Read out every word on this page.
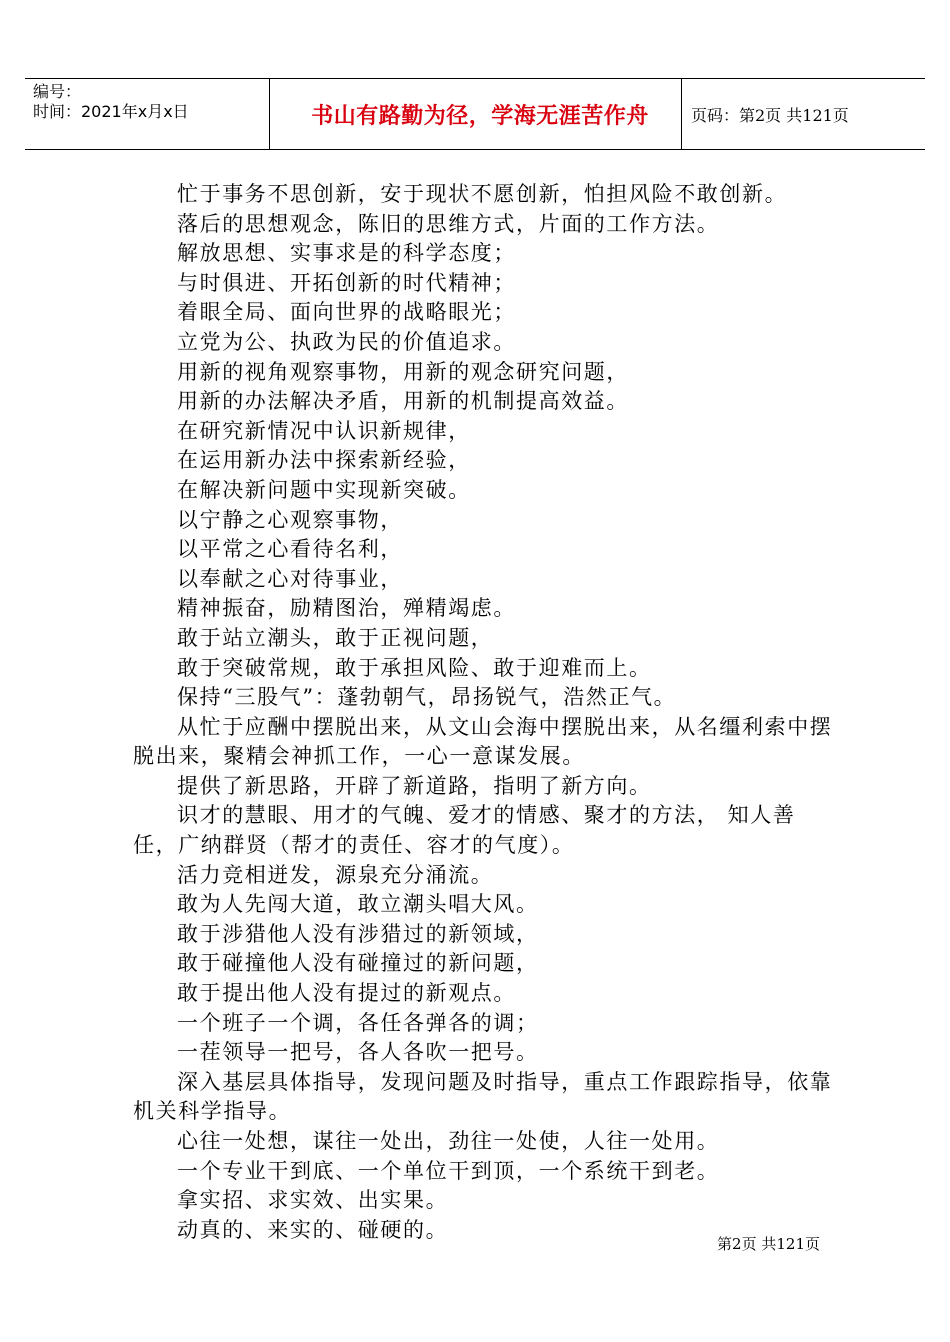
编号：
时间：2021年x月x日	书山有路勤为径，学海无涯苦作舟	页码：第2页 共121页

忙于事务不思创新，安于现状不愿创新，怕担风险不敢创新。

落后的思想观念，陈旧的思维方式，片面的工作方法。

解放思想、实事求是的科学态度；

与时俱进、开拓创新的时代精神；

着眼全局、面向世界的战略眼光；

立党为公、执政为民的价值追求。

用新的视角观察事物，用新的观念研究问题，

用新的办法解决矛盾，用新的机制提高效益。

在研究新情况中认识新规律，

在运用新办法中探索新经验，

在解决新问题中实现新突破。

以宁静之心观察事物，

以平常之心看待名利，

以奉献之心对待事业，

精神振奋，励精图治，殚精竭虑。

敢于站立潮头，敢于正视问题，

敢于突破常规，敢于承担风险、敢于迎难而上。

保持“三股气”：蓬勃朝气，昂扬锐气，浩然正气。

从忙于应酬中摆脱出来，从文山会海中摆脱出来，从名缰利索中摆脱出来，聚精会神抓工作，一心一意谋发展。

提供了新思路，开辟了新道路，指明了新方向。

识才的慧眼、用才的气魄、爱才的情感、聚才的方法， 知人善任，广纳群贤（帮才的责任、容才的气度）。

活力竞相迸发，源泉充分涌流。

敢为人先闯大道，敢立潮头唱大风。

敢于涉猎他人没有涉猎过的新领域，

敢于碰撞他人没有碰撞过的新问题，

敢于提出他人没有提过的新观点。

一个班子一个调，各任各弹各的调；

一茬领导一把号，各人各吹一把号。

深入基层具体指导，发现问题及时指导，重点工作跟踪指导，依靠机关科学指导。

心往一处想，谋往一处出，劲往一处使，人往一处用。

一个专业干到底、一个单位干到顶，一个系统干到老。

拿实招、求实效、出实果。

动真的、来实的、碰硬的。

第2页 共121页
